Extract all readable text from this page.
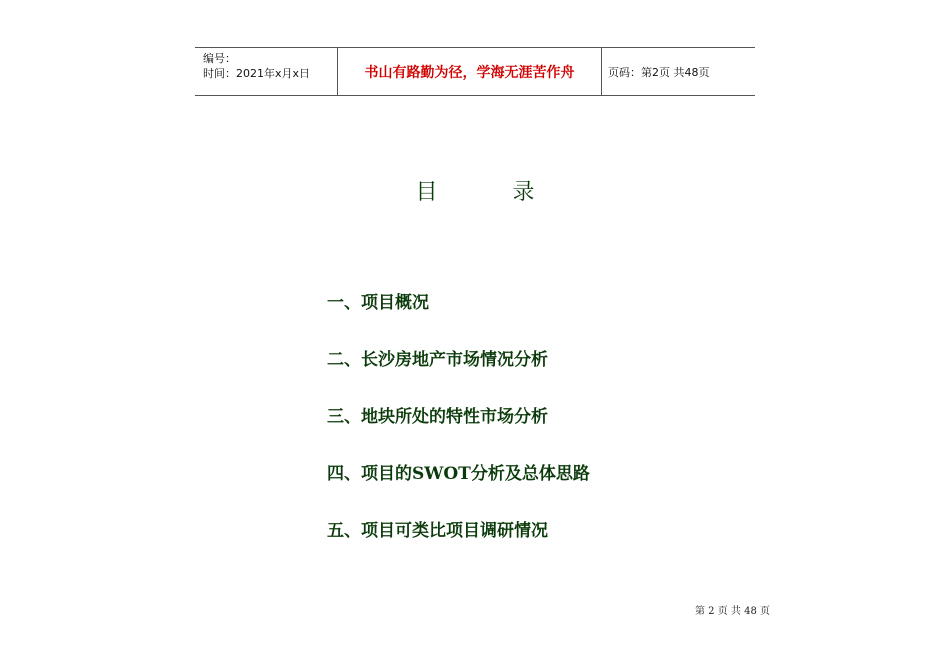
编号：
时间：2021年x月x日	书山有路勤为径，学海无涯苦作舟	页码：第2页 共48页
目 录
一、项目概况
二、长沙房地产市场情况分析
三、地块所处的特性市场分析
四、项目的SWOT分析及总体思路
五、项目可类比项目调研情况
第 2 页 共 48 页
